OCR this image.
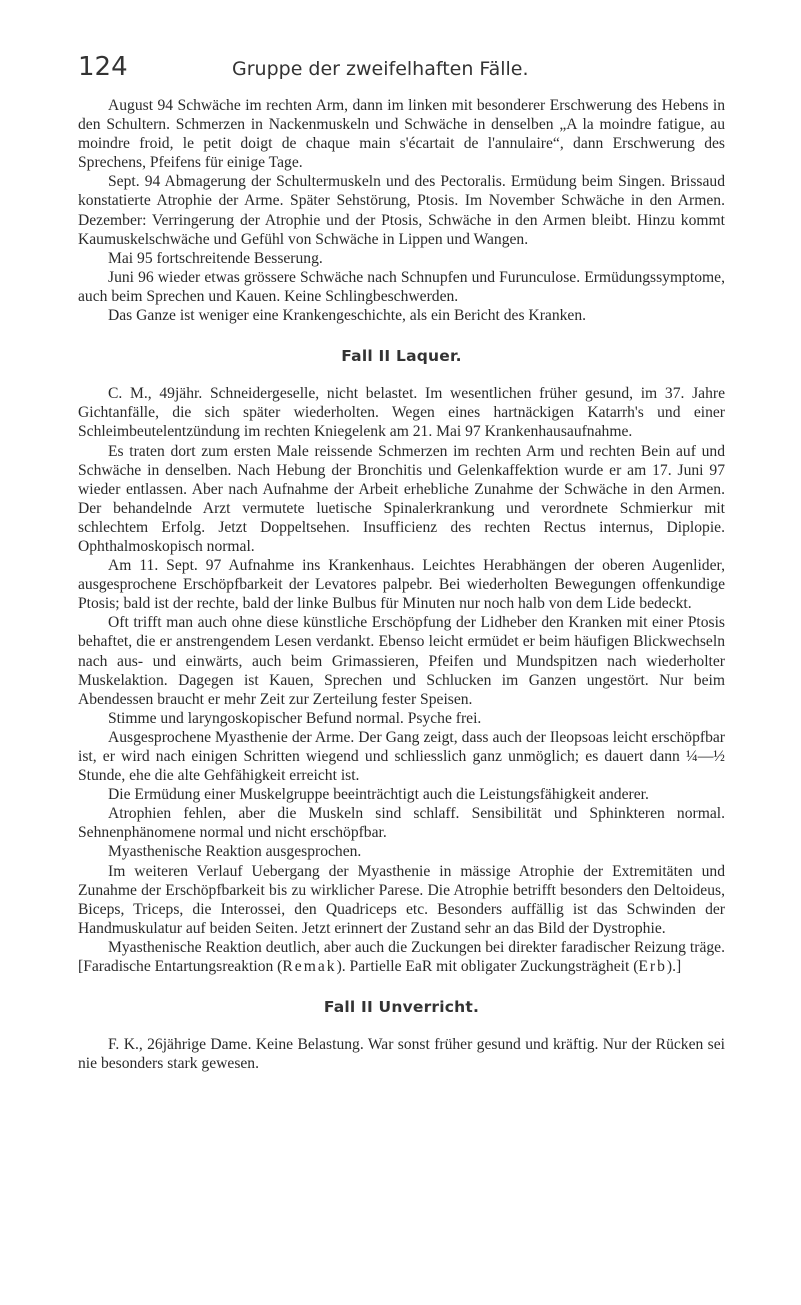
124	Gruppe der zweifelhaften Fälle.

August 94 Schwäche im rechten Arm, dann im linken mit besonderer Erschwerung des Hebens in den Schultern. Schmerzen in Nackenmuskeln und Schwäche in denselben „A la moindre fatigue, au moindre froid, le petit doigt de chaque main s'écartait de l'annulaire“, dann Erschwerung des Sprechens, Pfeifens für einige Tage.

Sept. 94 Abmagerung der Schultermuskeln und des Pectoralis. Ermüdung beim Singen. Brissaud konstatierte Atrophie der Arme. Später Sehstörung, Ptosis. Im November Schwäche in den Armen. Dezember: Verringerung der Atrophie und der Ptosis, Schwäche in den Armen bleibt. Hinzu kommt Kaumuskelschwäche und Gefühl von Schwäche in Lippen und Wangen.

Mai 95 fortschreitende Besserung.

Juni 96 wieder etwas grössere Schwäche nach Schnupfen und Furunculose. Ermüdungssymptome, auch beim Sprechen und Kauen. Keine Schlingbeschwerden.

Das Ganze ist weniger eine Krankengeschichte, als ein Bericht des Kranken.

Fall II Laquer.

C. M., 49jähr. Schneidergeselle, nicht belastet. Im wesentlichen früher gesund, im 37. Jahre Gichtanfälle, die sich später wiederholten. Wegen eines hartnäckigen Katarrh's und einer Schleimbeutelentzündung im rechten Kniegelenk am 21. Mai 97 Krankenhausaufnahme.

Es traten dort zum ersten Male reissende Schmerzen im rechten Arm und rechten Bein auf und Schwäche in denselben. Nach Hebung der Bronchitis und Gelenkaffektion wurde er am 17. Juni 97 wieder entlassen. Aber nach Aufnahme der Arbeit erhebliche Zunahme der Schwäche in den Armen. Der behandelnde Arzt vermutete luetische Spinalerkrankung und verordnete Schmierkur mit schlechtem Erfolg. Jetzt Doppeltsehen. Insufficienz des rechten Rectus internus, Diplopie. Ophthalmoskopisch normal.

Am 11. Sept. 97 Aufnahme ins Krankenhaus. Leichtes Herabhängen der oberen Augenlider, ausgesprochene Erschöpfbarkeit der Levatores palpebr. Bei wiederholten Bewegungen offenkundige Ptosis; bald ist der rechte, bald der linke Bulbus für Minuten nur noch halb von dem Lide bedeckt.

Oft trifft man auch ohne diese künstliche Erschöpfung der Lidheber den Kranken mit einer Ptosis behaftet, die er anstrengendem Lesen verdankt. Ebenso leicht ermüdet er beim häufigen Blickwechseln nach aus- und einwärts, auch beim Grimassieren, Pfeifen und Mundspitzen nach wiederholter Muskelaktion. Dagegen ist Kauen, Sprechen und Schlucken im Ganzen ungestört. Nur beim Abendessen braucht er mehr Zeit zur Zerteilung fester Speisen.

Stimme und laryngoskopischer Befund normal. Psyche frei.

Ausgesprochene Myasthenie der Arme. Der Gang zeigt, dass auch der Ileopsoas leicht erschöpfbar ist, er wird nach einigen Schritten wiegend und schliesslich ganz unmöglich; es dauert dann ¼—½ Stunde, ehe die alte Gehfähigkeit erreicht ist.

Die Ermüdung einer Muskelgruppe beeinträchtigt auch die Leistungsfähigkeit anderer.

Atrophien fehlen, aber die Muskeln sind schlaff. Sensibilität und Sphinkteren normal. Sehnenphänomene normal und nicht erschöpfbar.

Myasthenische Reaktion ausgesprochen.

Im weiteren Verlauf Uebergang der Myasthenie in mässige Atrophie der Extremitäten und Zunahme der Erschöpfbarkeit bis zu wirklicher Parese. Die Atrophie betrifft besonders den Deltoideus, Biceps, Triceps, die Interossei, den Quadriceps etc. Besonders auffällig ist das Schwinden der Handmuskulatur auf beiden Seiten. Jetzt erinnert der Zustand sehr an das Bild der Dystrophie.

Myasthenische Reaktion deutlich, aber auch die Zuckungen bei direkter faradischer Reizung träge. [Faradische Entartungsreaktion (Remak). Partielle EaR mit obligater Zuckungsträgheit (Erb).]

Fall II Unverricht.

F. K., 26jährige Dame. Keine Belastung. War sonst früher gesund und kräftig. Nur der Rücken sei nie besonders stark gewesen.
